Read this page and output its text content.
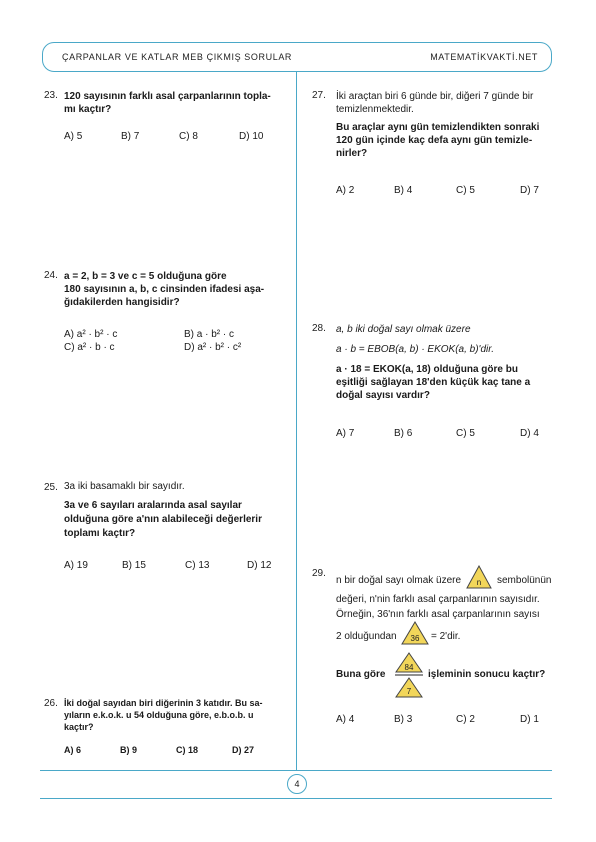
ÇARPANLAR VE KATLAR MEB ÇIKMIŞ SORULAR	MATEMATİKVAKTİ.NET
23. 120 sayısının farklı asal çarpanlarının topla-

mı kaçtır?

A) 5	B) 7	C) 8	D) 10
24. a = 2, b = 3 ve c = 5 olduğuna göre

180 sayısının a, b, c cinsinden ifadesi aşa-

ğıdakilerden hangisidir?

A) a² · b² · c	B) a · b² · c
C) a² · b · c	D) a² · b² · c²
25. 3a iki basamaklı bir sayıdır.

3a ve 6 sayıları aralarında asal sayılar

olduğuna göre a'nın alabileceği değerlerir

toplamı kaçtır?

A) 19	B) 15	C) 13	D) 12
26. İki doğal sayıdan biri diğerinin 3 katıdır. Bu sa-

yıların e.k.o.k. u 54 olduğuna göre, e.b.o.b. u

kaçtır?

A) 6	B) 9	C) 18	D) 27
27. İki araçtan biri 6 günde bir, diğeri 7 günde bir

temizlenmektedir.

Bu araçlar aynı gün temizlendikten sonraki

120 gün içinde kaç defa aynı gün temizle-

nirler?

A) 2	B) 4	C) 5	D) 7
28. a, b iki doğal sayı olmak üzere

a · b = EBOB(a, b) · EKOK(a, b)'dir.

a · 18 = EKOK(a, 18) olduğuna göre bu

eşitliği sağlayan 18'den küçük kaç tane a

doğal sayısı vardır?

A) 7	B) 6	C) 5	D) 4
29.
n bir doğal sayı olmak üzere n sembolünün
değeri, n'nin farklı asal çarpanlarının sayısıdır.
Örneğin, 36'nın farklı asal çarpanlarının sayısı
2 olduğundan 36 = 2'dir.
Buna göre
84
7
işleminin sonucu kaçtır?
A) 4	B) 3	C) 2	D) 1
4
